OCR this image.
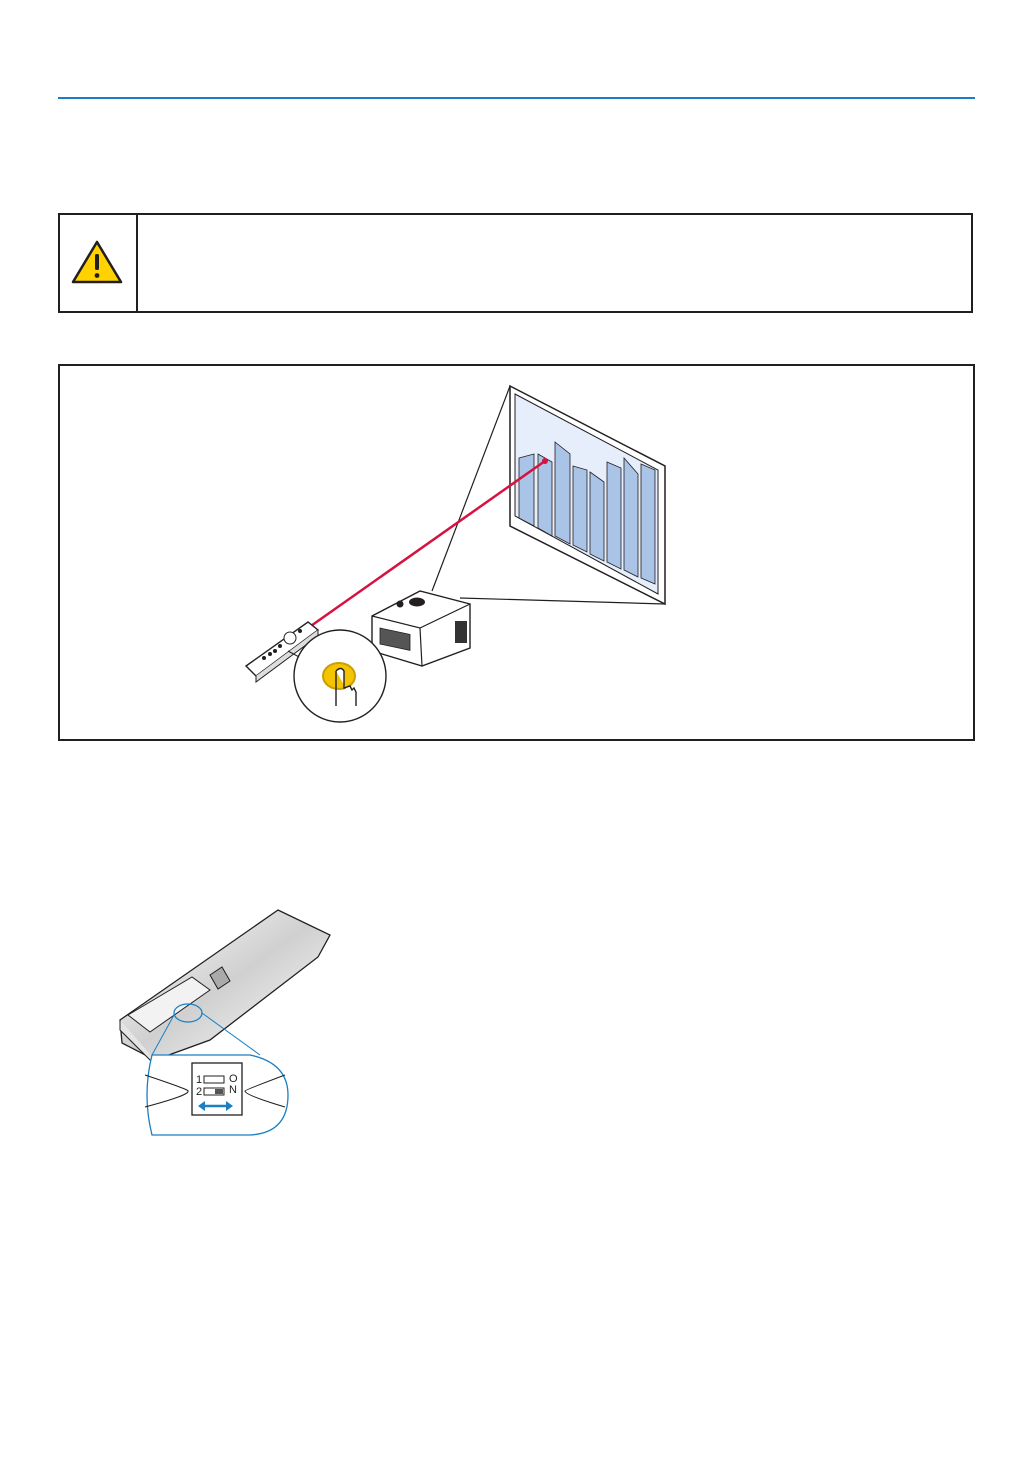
1
2
O
N
